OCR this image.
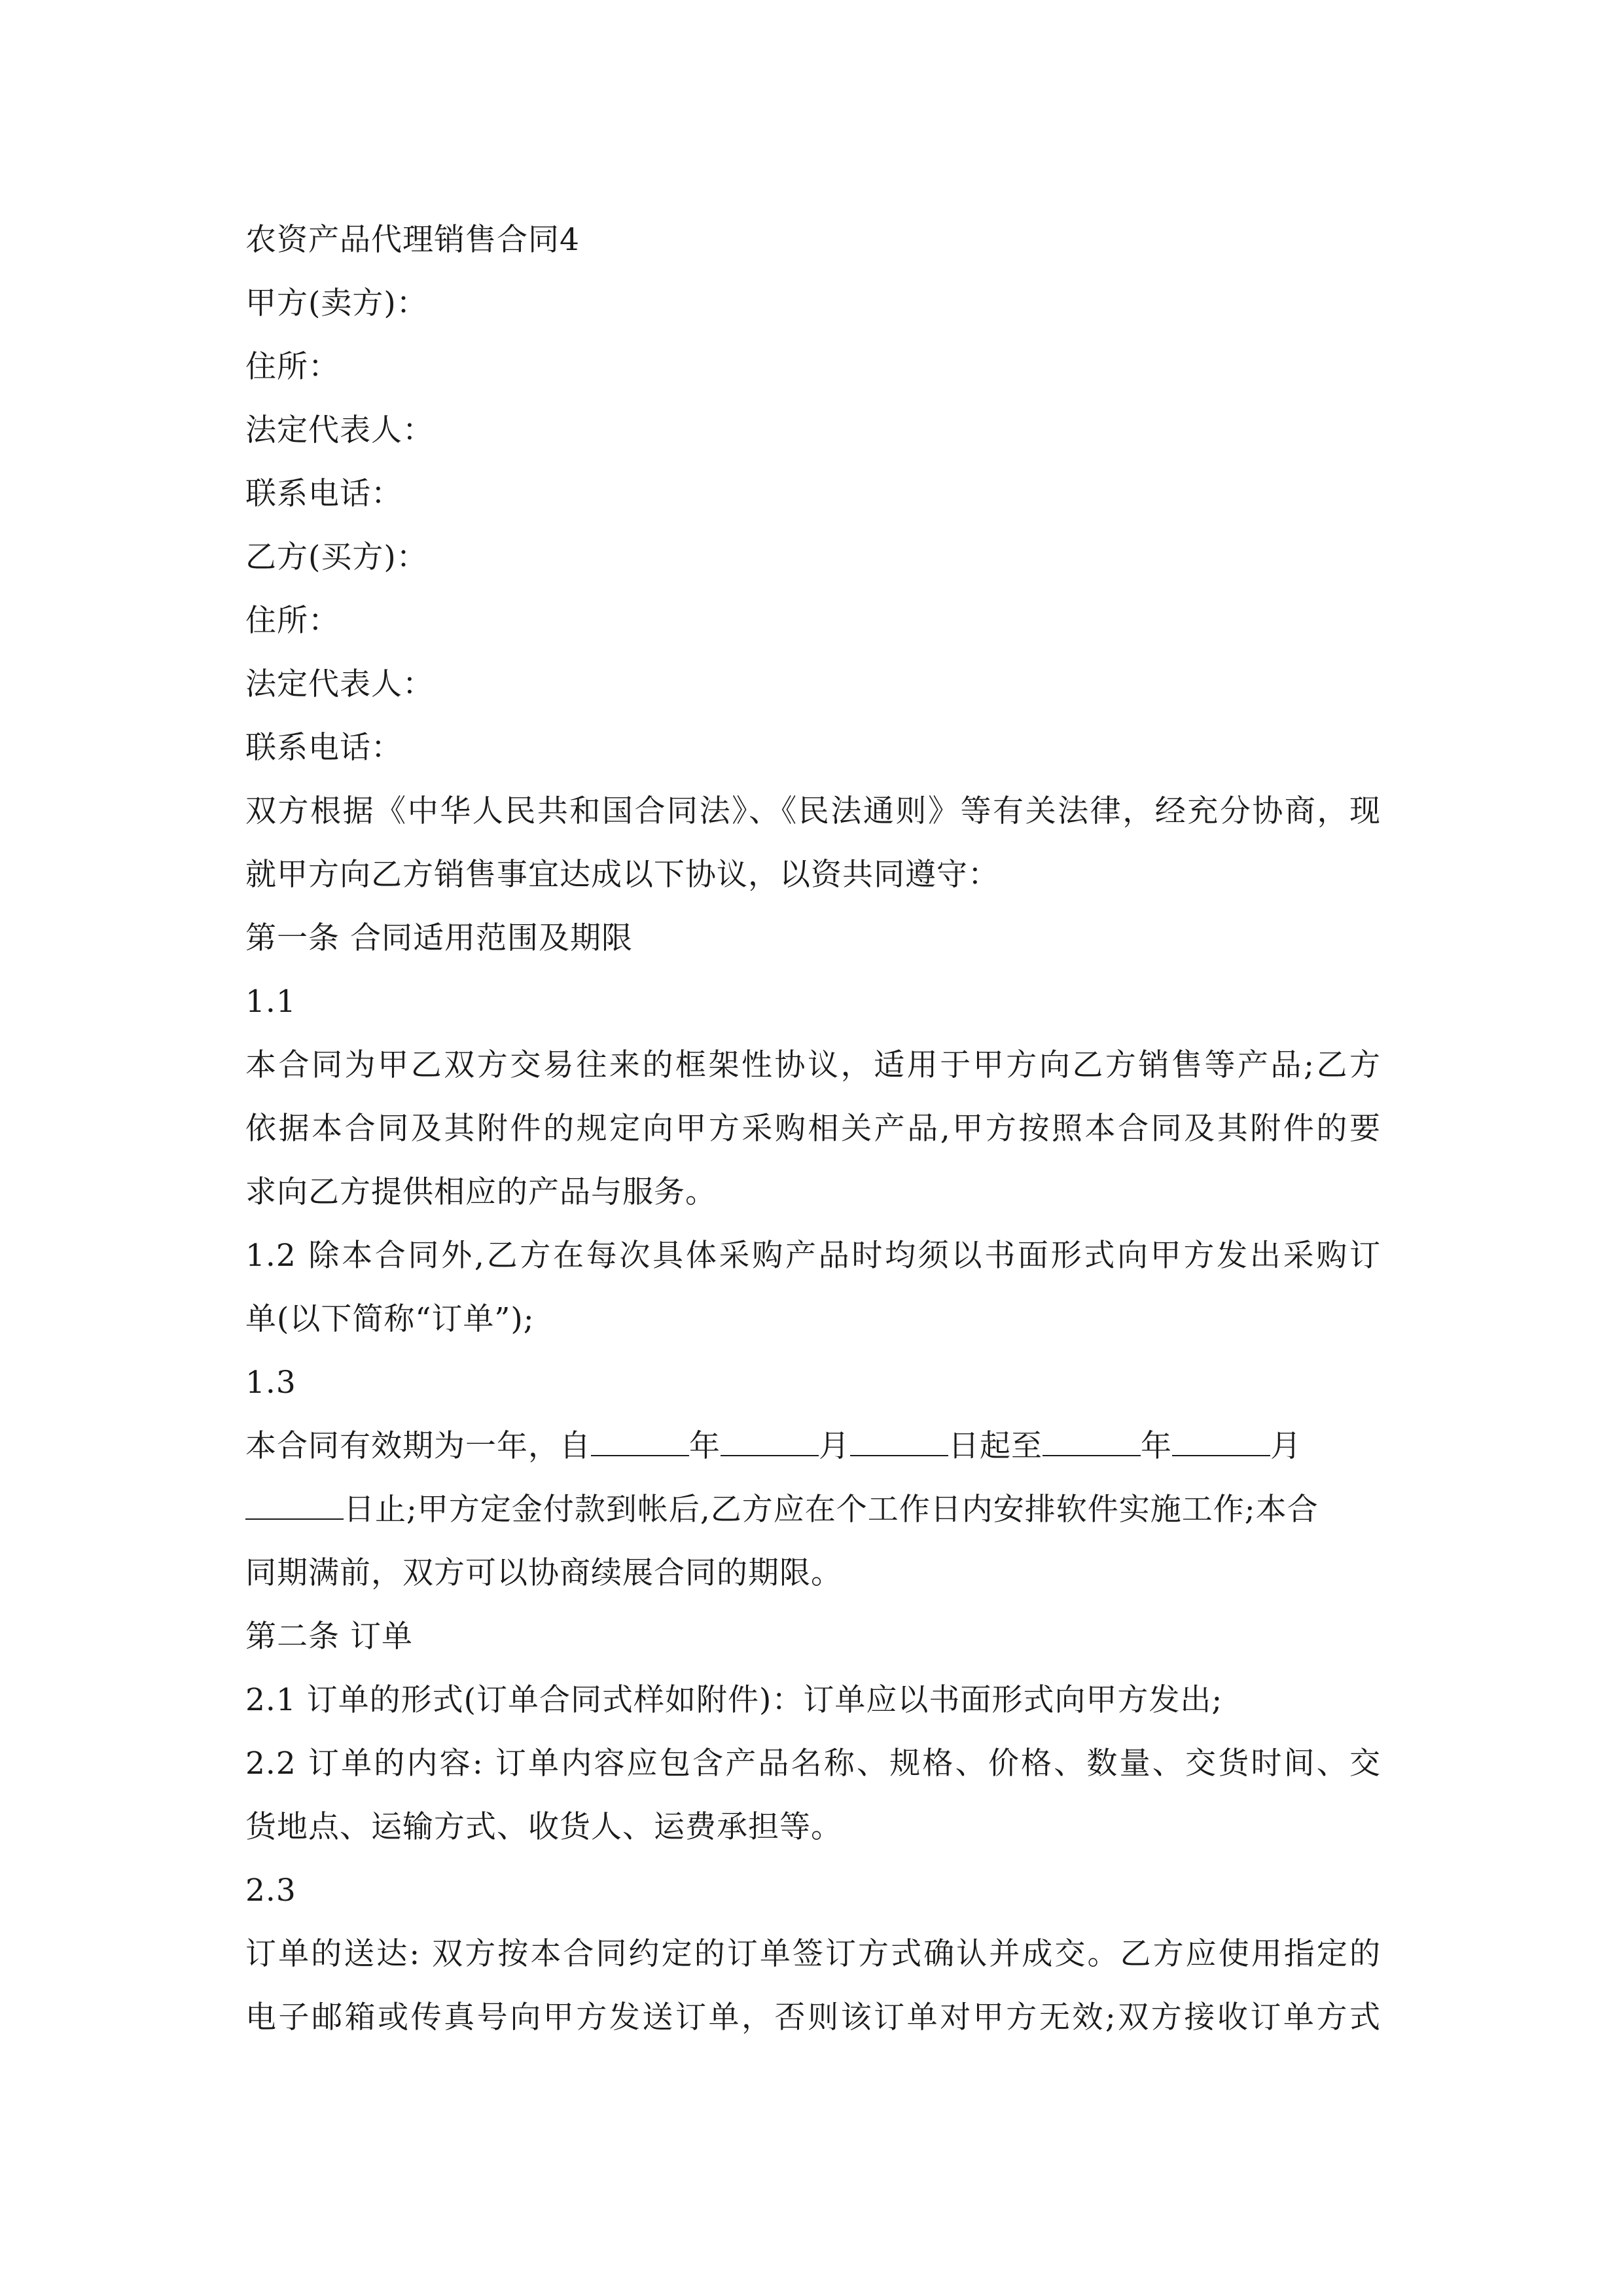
农资产品代理销售合同4
甲方(卖方)：
住所：
法定代表人：
联系电话：
乙方(买方)：
住所：
法定代表人：
联系电话：
双方根据《中华人民共和国合同法》、《民法通则》等有关法律，经充分协商，现
就甲方向乙方销售事宜达成以下协议，以资共同遵守：
第一条 合同适用范围及期限
1.1
本合同为甲乙双方交易往来的框架性协议，适用于甲方向乙方销售等产品;乙方
依据本合同及其附件的规定向甲方采购相关产品,甲方按照本合同及其附件的要
求向乙方提供相应的产品与服务。
1.2 除本合同外,乙方在每次具体采购产品时均须以书面形式向甲方发出采购订
单(以下简称“订单”);
1.3
本合同有效期为一年，自	年	月	日起至	年	月
日止;甲方定金付款到帐后,乙方应在个工作日内安排软件实施工作;本合
同期满前，双方可以协商续展合同的期限。
第二条 订单
2.1 订单的形式(订单合同式样如附件)：订单应以书面形式向甲方发出;
2.2 订单的内容: 订单内容应包含产品名称、规格、价格、数量、交货时间、交
货地点、运输方式、收货人、运费承担等。
2.3
订单的送达: 双方按本合同约定的订单签订方式确认并成交。乙方应使用指定的
电子邮箱或传真号向甲方发送订单，否则该订单对甲方无效;双方接收订单方式
